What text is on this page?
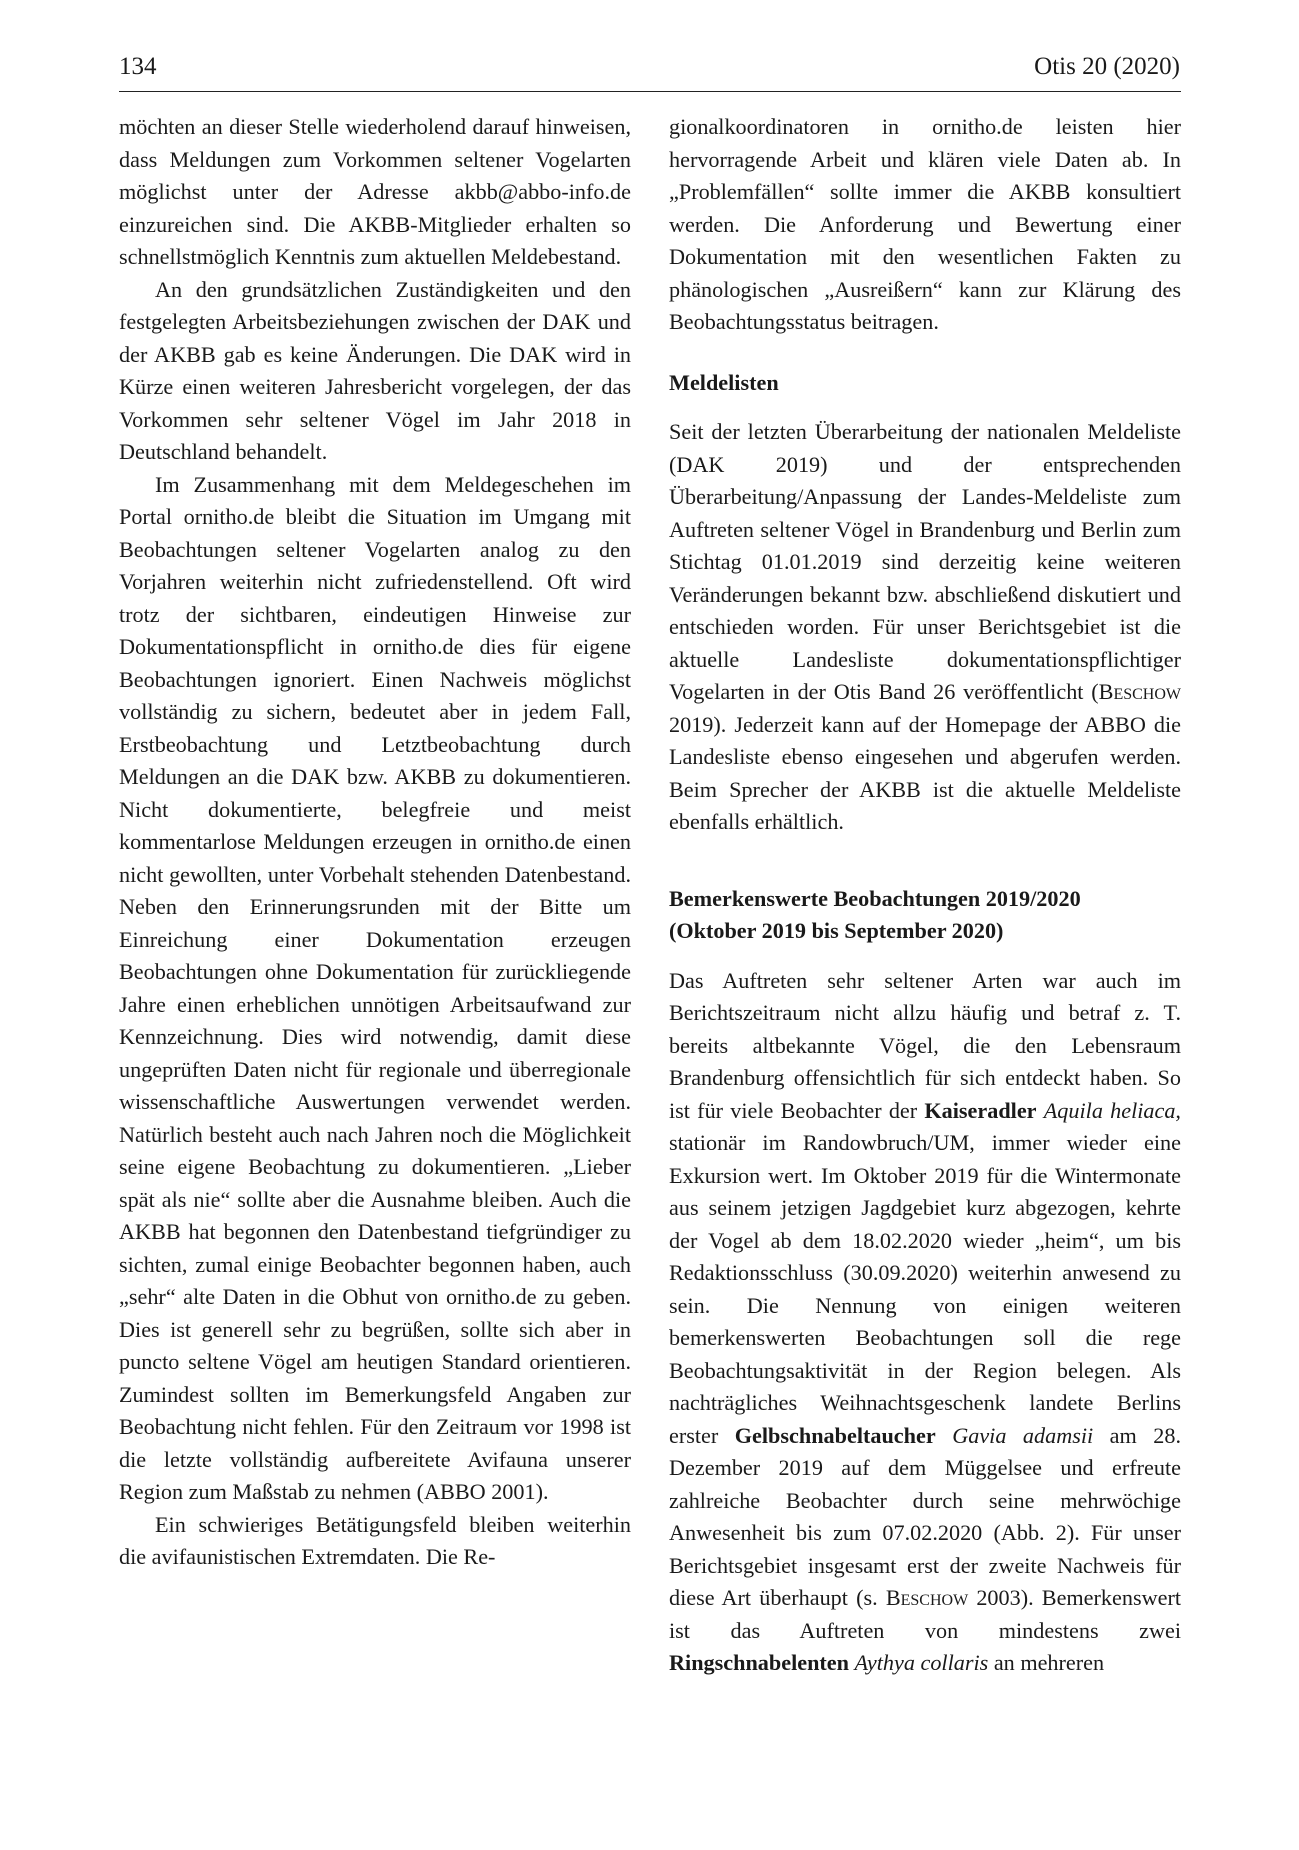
134	Otis 20 (2020)

möchten an dieser Stelle wiederholend darauf hinweisen, dass Meldungen zum Vorkommen seltener Vogelarten möglichst unter der Adresse akbb@abbo-info.de einzureichen sind. Die AKBB-Mitglieder erhalten so schnellstmöglich Kenntnis zum aktuellen Meldebestand.

An den grundsätzlichen Zuständigkeiten und den festgelegten Arbeitsbeziehungen zwischen der DAK und der AKBB gab es keine Änderungen. Die DAK wird in Kürze einen weiteren Jahresbericht vorgelegen, der das Vorkommen sehr seltener Vögel im Jahr 2018 in Deutschland behandelt.

Im Zusammenhang mit dem Meldegeschehen im Portal ornitho.de bleibt die Situation im Umgang mit Beobachtungen seltener Vogelarten analog zu den Vorjahren weiterhin nicht zufriedenstellend. Oft wird trotz der sichtbaren, eindeutigen Hinweise zur Dokumentationspflicht in ornitho.de dies für eigene Beobachtungen ignoriert. Einen Nachweis möglichst vollständig zu sichern, bedeutet aber in jedem Fall, Erstbeobachtung und Letztbeobachtung durch Meldungen an die DAK bzw. AKBB zu dokumentieren. Nicht dokumentierte, belegfreie und meist kommentarlose Meldungen erzeugen in ornitho.de einen nicht gewollten, unter Vorbehalt stehenden Datenbestand. Neben den Erinnerungsrunden mit der Bitte um Einreichung einer Dokumentation erzeugen Beobachtungen ohne Dokumentation für zurückliegende Jahre einen erheblichen unnötigen Arbeitsaufwand zur Kennzeichnung. Dies wird notwendig, damit diese ungeprüften Daten nicht für regionale und überregionale wissenschaftliche Auswertungen verwendet werden. Natürlich besteht auch nach Jahren noch die Möglichkeit seine eigene Beobachtung zu dokumentieren. „Lieber spät als nie“ sollte aber die Ausnahme bleiben. Auch die AKBB hat begonnen den Datenbestand tiefgründiger zu sichten, zumal einige Beobachter begonnen haben, auch „sehr“ alte Daten in die Obhut von ornitho.de zu geben. Dies ist generell sehr zu begrüßen, sollte sich aber in puncto seltene Vögel am heutigen Standard orientieren. Zumindest sollten im Bemerkungsfeld Angaben zur Beobachtung nicht fehlen. Für den Zeitraum vor 1998 ist die letzte vollständig aufbereitete Avifauna unserer Region zum Maßstab zu nehmen (ABBO 2001).

Ein schwieriges Betätigungsfeld bleiben weiterhin die avifaunistischen Extremdaten. Die Re-

gionalkoordinatoren in ornitho.de leisten hier hervorragende Arbeit und klären viele Daten ab. In „Problemfällen“ sollte immer die AKBB konsultiert werden. Die Anforderung und Bewertung einer Dokumentation mit den wesentlichen Fakten zu phänologischen „Ausreißern“ kann zur Klärung des Beobachtungsstatus beitragen.

Meldelisten

Seit der letzten Überarbeitung der nationalen Meldeliste (DAK 2019) und der entsprechenden Überarbeitung/Anpassung der Landes-Meldeliste zum Auftreten seltener Vögel in Brandenburg und Berlin zum Stichtag 01.01.2019 sind derzeitig keine weiteren Veränderungen bekannt bzw. abschließend diskutiert und entschieden worden. Für unser Berichtsgebiet ist die aktuelle Landesliste dokumentationspflichtiger Vogelarten in der Otis Band 26 veröffentlicht (Beschow 2019). Jederzeit kann auf der Homepage der ABBO die Landesliste ebenso eingesehen und abgerufen werden. Beim Sprecher der AKBB ist die aktuelle Meldeliste ebenfalls erhältlich.

Bemerkenswerte Beobachtungen 2019/2020
(Oktober 2019 bis September 2020)

Das Auftreten sehr seltener Arten war auch im Berichtszeitraum nicht allzu häufig und betraf z. T. bereits altbekannte Vögel, die den Lebensraum Brandenburg offensichtlich für sich entdeckt haben. So ist für viele Beobachter der Kaiseradler Aquila heliaca, stationär im Randowbruch/UM, immer wieder eine Exkursion wert. Im Oktober 2019 für die Wintermonate aus seinem jetzigen Jagdgebiet kurz abgezogen, kehrte der Vogel ab dem 18.02.2020 wieder „heim“, um bis Redaktionsschluss (30.09.2020) weiterhin anwesend zu sein. Die Nennung von einigen weiteren bemerkenswerten Beobachtungen soll die rege Beobachtungsaktivität in der Region belegen. Als nachträgliches Weihnachtsgeschenk landete Berlins erster Gelbschnabeltaucher Gavia adamsii am 28. Dezember 2019 auf dem Müggelsee und erfreute zahlreiche Beobachter durch seine mehrwöchige Anwesenheit bis zum 07.02.2020 (Abb. 2). Für unser Berichtsgebiet insgesamt erst der zweite Nachweis für diese Art überhaupt (s. Beschow 2003). Bemerkenswert ist das Auftreten von mindestens zwei Ringschnabelenten Aythya collaris an mehreren
